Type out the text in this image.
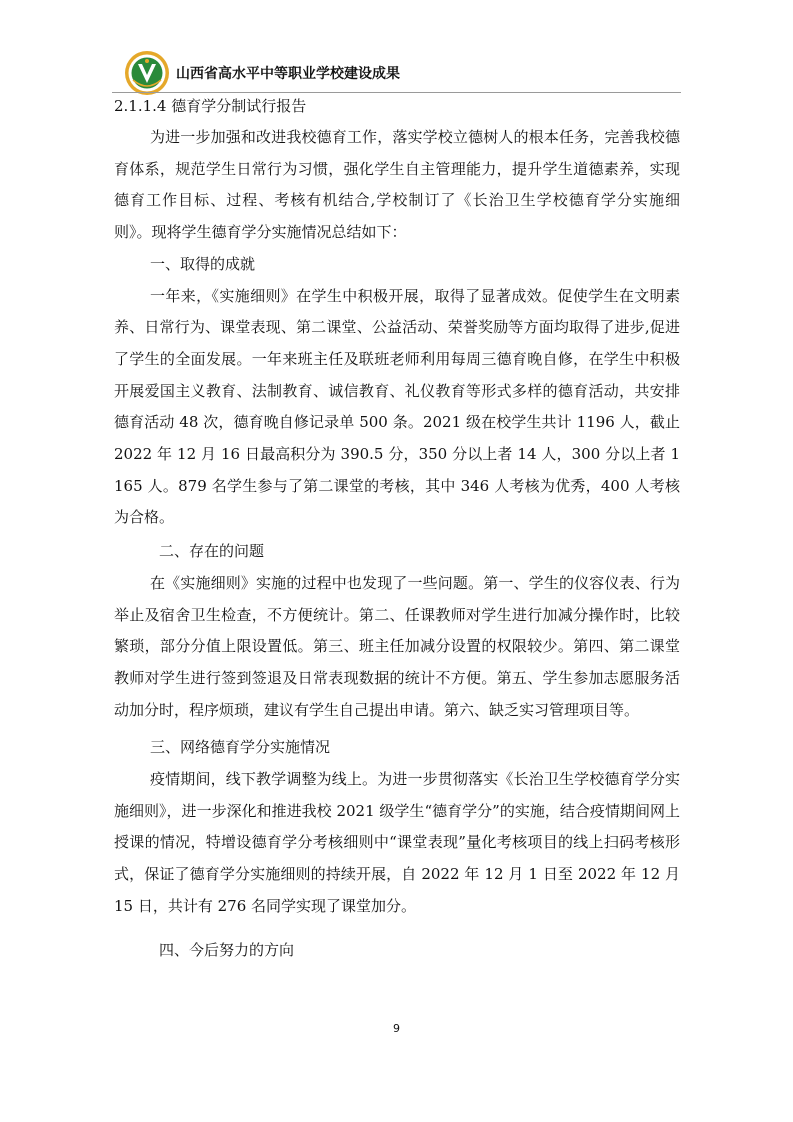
山西省高水平中等职业学校建设成果
2.1.1.4 德育学分制试行报告

为进一步加强和改进我校德育工作，落实学校立德树人的根本任务，完善我校德育体系，规范学生日常行为习惯，强化学生自主管理能力，提升学生道德素养，实现德育工作目标、过程、考核有机结合,学校制订了《长治卫生学校德育学分实施细则》。现将学生德育学分实施情况总结如下：

一、取得的成就

一年来，《实施细则》在学生中积极开展，取得了显著成效。促使学生在文明素养、日常行为、课堂表现、第二课堂、公益活动、荣誉奖励等方面均取得了进步,促进了学生的全面发展。一年来班主任及联班老师利用每周三德育晚自修，在学生中积极开展爱国主义教育、法制教育、诚信教育、礼仪教育等形式多样的德育活动，共安排德育活动 48 次，德育晚自修记录单 500 条。2021 级在校学生共计 1196 人，截止 2022 年 12 月 16 日最高积分为 390.5 分，350 分以上者 14 人，300 分以上者 1165 人。879 名学生参与了第二课堂的考核，其中 346 人考核为优秀，400 人考核为合格。

二、存在的问题

在《实施细则》实施的过程中也发现了一些问题。第一、学生的仪容仪表、行为举止及宿舍卫生检查，不方便统计。第二、任课教师对学生进行加减分操作时，比较繁琐，部分分值上限设置低。第三、班主任加减分设置的权限较少。第四、第二课堂教师对学生进行签到签退及日常表现数据的统计不方便。第五、学生参加志愿服务活动加分时，程序烦琐，建议有学生自己提出申请。第六、缺乏实习管理项目等。

三、网络德育学分实施情况

疫情期间，线下教学调整为线上。为进一步贯彻落实《长治卫生学校德育学分实施细则》，进一步深化和推进我校 2021 级学生“德育学分”的实施，结合疫情期间网上授课的情况，特增设德育学分考核细则中“课堂表现”量化考核项目的线上扫码考核形式，保证了德育学分实施细则的持续开展，自 2022 年 12 月 1 日至 2022 年 12 月 15 日，共计有 276 名同学实现了课堂加分。

四、今后努力的方向
9
